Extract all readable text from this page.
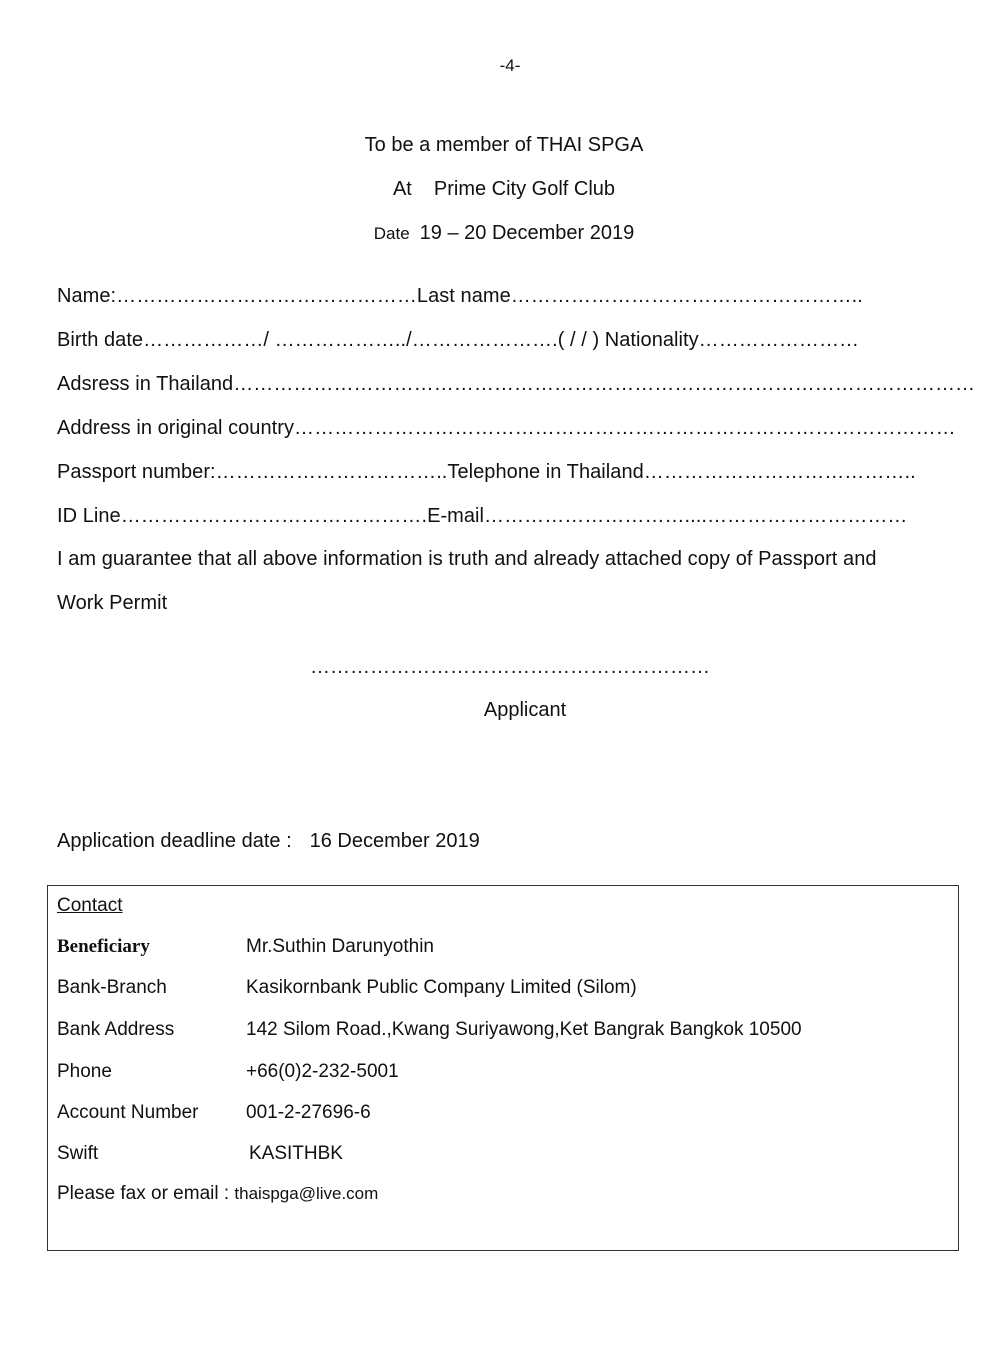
-4-
To be a member of THAI SPGA
At Prime City Golf Club
Date 19 – 20 December 2019
Name:………………………………………Last name……………………………………………..
Birth date………………/ ………………../………………….( / / ) Nationality……………………
Adsress in Thailand…………………………………………………………………………………………………
Address in original country………………………………………………………………………………………
Passport number:……………………………..Telephone in Thailand…………………………………..
ID Line……………………………………….E-mail…………………………....…………………………
I am guarantee that all above information is truth and already attached copy of Passport and
Work Permit
……………………………………………………
Applicant
Application deadline date : 16 December 2019
Contact
Beneficiary	Mr.Suthin Darunyothin
Bank-Branch	Kasikornbank Public Company Limited (Silom)
Bank Address	142 Silom Road.,Kwang Suriyawong,Ket Bangrak Bangkok 10500
Phone	+66(0)2-232-5001
Account Number 001-2-27696-6
Swift	KASITHBK
Please fax or email : thaispga@live.com
